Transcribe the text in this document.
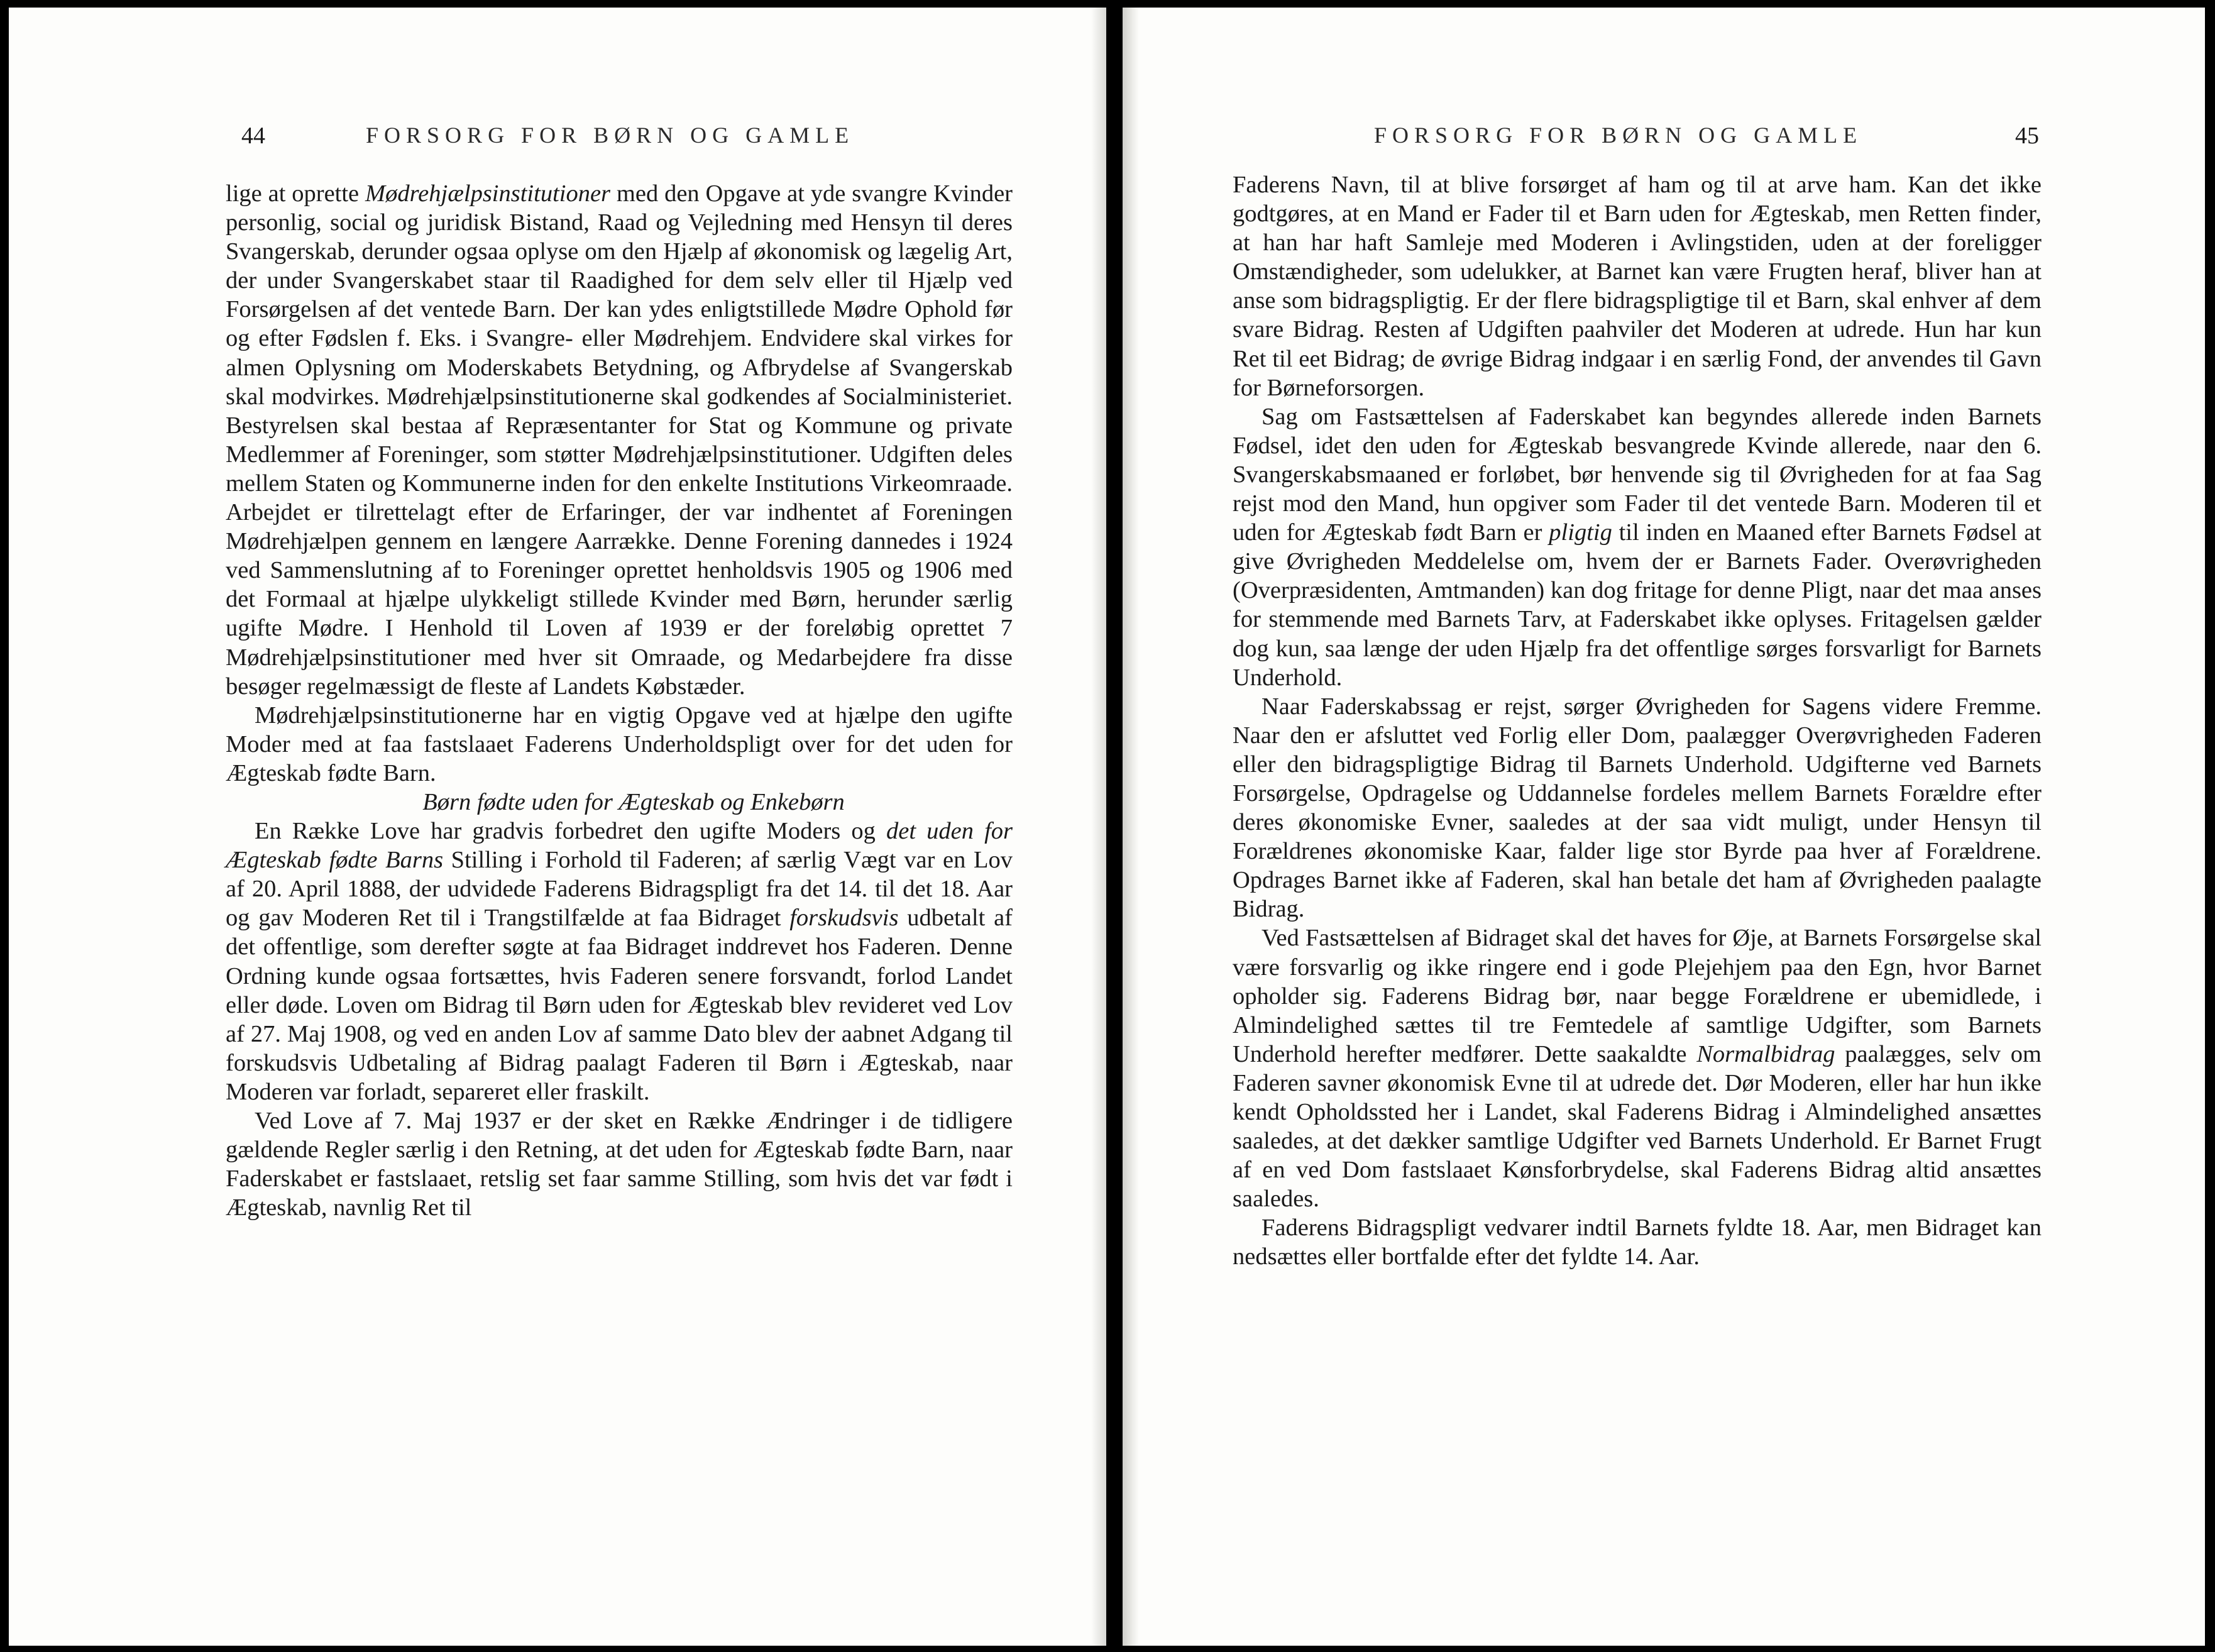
44	FORSORG FOR BØRN OG GAMLE

lige at oprette Mødrehjælpsinstitutioner med den Opgave at yde svangre Kvinder personlig, social og juridisk Bistand, Raad og Vejledning med Hensyn til deres Svangerskab, derunder ogsaa oplyse om den Hjælp af økonomisk og lægelig Art, der under Svangerskabet staar til Raadighed for dem selv eller til Hjælp ved Forsørgelsen af det ventede Barn. Der kan ydes enligtstillede Mødre Ophold før og efter Fødslen f. Eks. i Svangre- eller Mødrehjem. Endvidere skal virkes for almen Oplysning om Moderskabets Betydning, og Afbrydelse af Svangerskab skal modvirkes. Mødrehjælpsinstitutionerne skal godkendes af Socialministeriet. Bestyrelsen skal bestaa af Repræsentanter for Stat og Kommune og private Medlemmer af Foreninger, som støtter Mødrehjælpsinstitutioner. Udgiften deles mellem Staten og Kommunerne inden for den enkelte Institutions Virkeomraade. Arbejdet er tilrettelagt efter de Erfaringer, der var indhentet af Foreningen Mødrehjælpen gennem en længere Aarrække. Denne Forening dannedes i 1924 ved Sammenslutning af to Foreninger oprettet henholdsvis 1905 og 1906 med det Formaal at hjælpe ulykkeligt stillede Kvinder med Børn, herunder særlig ugifte Mødre. I Henhold til Loven af 1939 er der foreløbig oprettet 7 Mødrehjælpsinstitutioner med hver sit Omraade, og Medarbejdere fra disse besøger regelmæssigt de fleste af Landets Købstæder.

Mødrehjælpsinstitutionerne har en vigtig Opgave ved at hjælpe den ugifte Moder med at faa fastslaaet Faderens Underholdspligt over for det uden for Ægteskab fødte Barn.

Børn fødte uden for Ægteskab og Enkebørn

En Række Love har gradvis forbedret den ugifte Moders og det uden for Ægteskab fødte Barns Stilling i Forhold til Faderen; af særlig Vægt var en Lov af 20. April 1888, der udvidede Faderens Bidragspligt fra det 14. til det 18. Aar og gav Moderen Ret til i Trangstilfælde at faa Bidraget forskudsvis udbetalt af det offentlige, som derefter søgte at faa Bidraget inddrevet hos Faderen. Denne Ordning kunde ogsaa fortsættes, hvis Faderen senere forsvandt, forlod Landet eller døde. Loven om Bidrag til Børn uden for Ægteskab blev revideret ved Lov af 27. Maj 1908, og ved en anden Lov af samme Dato blev der aabnet Adgang til forskudsvis Udbetaling af Bidrag paalagt Faderen til Børn i Ægteskab, naar Moderen var forladt, separeret eller fraskilt.

Ved Love af 7. Maj 1937 er der sket en Række Ændringer i de tidligere gældende Regler særlig i den Retning, at det uden for Ægteskab fødte Barn, naar Faderskabet er fastslaaet, retslig set faar samme Stilling, som hvis det var født i Ægteskab, navnlig Ret til

FORSORG FOR BØRN OG GAMLE	45

Faderens Navn, til at blive forsørget af ham og til at arve ham. Kan det ikke godtgøres, at en Mand er Fader til et Barn uden for Ægteskab, men Retten finder, at han har haft Samleje med Moderen i Avlingstiden, uden at der foreligger Omstændigheder, som udelukker, at Barnet kan være Frugten heraf, bliver han at anse som bidragspligtig. Er der flere bidragspligtige til et Barn, skal enhver af dem svare Bidrag. Resten af Udgiften paahviler det Moderen at udrede. Hun har kun Ret til eet Bidrag; de øvrige Bidrag indgaar i en særlig Fond, der anvendes til Gavn for Børneforsorgen.

Sag om Fastsættelsen af Faderskabet kan begyndes allerede inden Barnets Fødsel, idet den uden for Ægteskab besvangrede Kvinde allerede, naar den 6. Svangerskabsmaaned er forløbet, bør henvende sig til Øvrigheden for at faa Sag rejst mod den Mand, hun opgiver som Fader til det ventede Barn. Moderen til et uden for Ægteskab født Barn er pligtig til inden en Maaned efter Barnets Fødsel at give Øvrigheden Meddelelse om, hvem der er Barnets Fader. Overøvrigheden (Overpræsidenten, Amtmanden) kan dog fritage for denne Pligt, naar det maa anses for stemmende med Barnets Tarv, at Faderskabet ikke oplyses. Fritagelsen gælder dog kun, saa længe der uden Hjælp fra det offentlige sørges forsvarligt for Barnets Underhold.

Naar Faderskabssag er rejst, sørger Øvrigheden for Sagens videre Fremme. Naar den er afsluttet ved Forlig eller Dom, paalægger Overøvrigheden Faderen eller den bidragspligtige Bidrag til Barnets Underhold. Udgifterne ved Barnets Forsørgelse, Opdragelse og Uddannelse fordeles mellem Barnets Forældre efter deres økonomiske Evner, saaledes at der saa vidt muligt, under Hensyn til Forældrenes økonomiske Kaar, falder lige stor Byrde paa hver af Forældrene. Opdrages Barnet ikke af Faderen, skal han betale det ham af Øvrigheden paalagte Bidrag.

Ved Fastsættelsen af Bidraget skal det haves for Øje, at Barnets Forsørgelse skal være forsvarlig og ikke ringere end i gode Plejehjem paa den Egn, hvor Barnet opholder sig. Faderens Bidrag bør, naar begge Forældrene er ubemidlede, i Almindelighed sættes til tre Femtedele af samtlige Udgifter, som Barnets Underhold herefter medfører. Dette saakaldte Normalbidrag paalægges, selv om Faderen savner økonomisk Evne til at udrede det. Dør Moderen, eller har hun ikke kendt Opholdssted her i Landet, skal Faderens Bidrag i Almindelighed ansættes saaledes, at det dækker samtlige Udgifter ved Barnets Underhold. Er Barnet Frugt af en ved Dom fastslaaet Kønsforbrydelse, skal Faderens Bidrag altid ansættes saaledes.

Faderens Bidragspligt vedvarer indtil Barnets fyldte 18. Aar, men Bidraget kan nedsættes eller bortfalde efter det fyldte 14. Aar.
